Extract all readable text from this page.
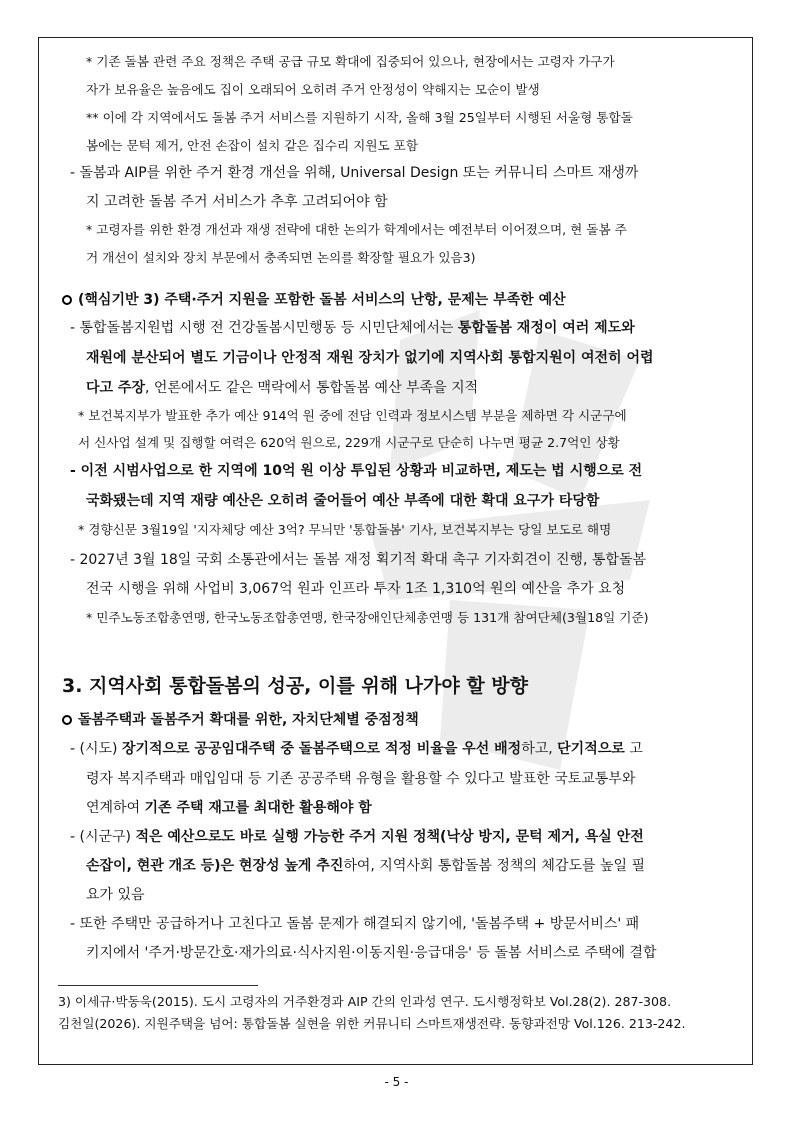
* 기존 돌봄 관련 주요 정책은 주택 공급 규모 확대에 집중되어 있으나, 현장에서는 고령자 가구가
자가 보유율은 높음에도 집이 오래되어 오히려 주거 안정성이 약해지는 모순이 발생
** 이에 각 지역에서도 돌봄 주거 서비스를 지원하기 시작, 올해 3월 25일부터 시행된 서울형 통합돌
봄에는 문턱 제거, 안전 손잡이 설치 같은 집수리 지원도 포함
- 돌봄과 AIP를 위한 주거 환경 개선을 위해, Universal Design 또는 커뮤니티 스마트 재생까
지 고려한 돌봄 주거 서비스가 추후 고려되어야 함
* 고령자를 위한 환경 개선과 재생 전략에 대한 논의가 학계에서는 예전부터 이어졌으며, 현 돌봄 주
거 개선이 설치와 장치 부문에서 충족되면 논의를 확장할 필요가 있음3)
(핵심기반 3) 주택·주거 지원을 포함한 돌봄 서비스의 난항, 문제는 부족한 예산
- 통합돌봄지원법 시행 전 건강돌봄시민행동 등 시민단체에서는 통합돌봄 재정이 여러 제도와
재원에 분산되어 별도 기금이나 안정적 재원 장치가 없기에 지역사회 통합지원이 여전히 어렵
다고 주장, 언론에서도 같은 맥락에서 통합돌봄 예산 부족을 지적
* 보건복지부가 발표한 추가 예산 914억 원 중에 전담 인력과 정보시스템 부분을 제하면 각 시군구에
서 신사업 설계 및 집행할 여력은 620억 원으로, 229개 시군구로 단순히 나누면 평균 2.7억인 상황
- 이전 시범사업으로 한 지역에 10억 원 이상 투입된 상황과 비교하면, 제도는 법 시행으로 전
국화됐는데 지역 재량 예산은 오히려 줄어들어 예산 부족에 대한 확대 요구가 타당함
* 경향신문 3월19일 '지자체당 예산 3억? 무늬만 '통합돌봄' 기사, 보건복지부는 당일 보도로 해명
- 2027년 3월 18일 국회 소통관에서는 돌봄 재정 획기적 확대 촉구 기자회견이 진행, 통합돌봄
전국 시행을 위해 사업비 3,067억 원과 인프라 투자 1조 1,310억 원의 예산을 추가 요청
* 민주노동조합총연맹, 한국노동조합총연맹, 한국장애인단체총연맹 등 131개 참여단체(3월18일 기준)
3. 지역사회 통합돌봄의 성공, 이를 위해 나가야 할 방향
돌봄주택과 돌봄주거 확대를 위한, 자치단체별 중점정책
- (시도) 장기적으로 공공임대주택 중 돌봄주택으로 적정 비율을 우선 배정하고, 단기적으로 고
령자 복지주택과 매입임대 등 기존 공공주택 유형을 활용할 수 있다고 발표한 국토교통부와
연계하여 기존 주택 재고를 최대한 활용해야 함
- (시군구) 적은 예산으로도 바로 실행 가능한 주거 지원 정책(낙상 방지, 문턱 제거, 욕실 안전
손잡이, 현관 개조 등)은 현장성 높게 추진하여, 지역사회 통합돌봄 정책의 체감도를 높일 필
요가 있음
- 또한 주택만 공급하거나 고친다고 돌봄 문제가 해결되지 않기에, '돌봄주택 + 방문서비스' 패
키지에서 '주거·방문간호·재가의료·식사지원·이동지원·응급대응' 등 돌봄 서비스로 주택에 결합
3) 이세규·박동욱(2015). 도시 고령자의 거주환경과 AIP 간의 인과성 연구. 도시행정학보 Vol.28(2). 287-308.
김천일(2026). 지원주택을 넘어: 통합돌봄 실현을 위한 커뮤니티 스마트재생전략. 동향과전망 Vol.126. 213-242.
- 5 -
